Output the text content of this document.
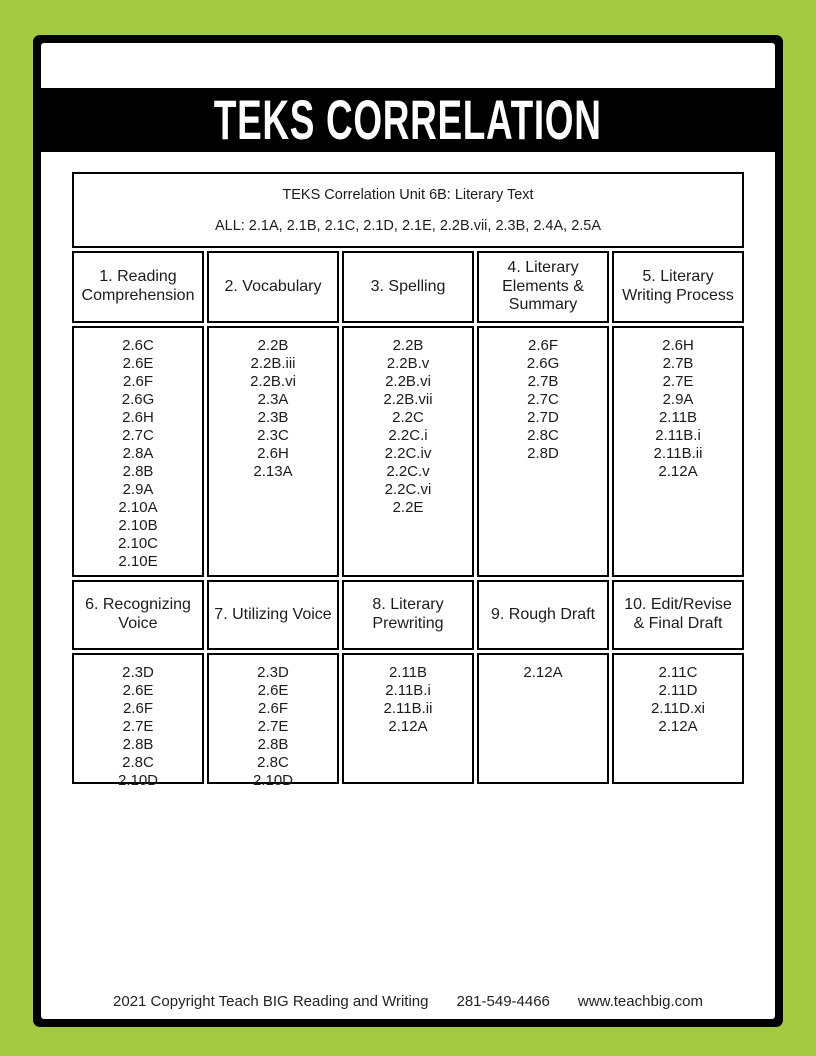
TEKS CORRELATION
TEKS Correlation Unit 6B: Literary Text
ALL: 2.1A, 2.1B, 2.1C, 2.1D, 2.1E, 2.2B.vii, 2.3B, 2.4A, 2.5A
1. Reading Comprehension
2. Vocabulary	3. Spelling
4. Literary Elements & Summary
5. Literary Writing Process
2.6C
2.6E
2.6F
2.6G
2.6H
2.7C
2.8A
2.8B
2.9A
2.10A
2.10B
2.10C
2.10E
2.2B
2.2B.iii
2.2B.vi
2.3A
2.3B
2.3C
2.6H
2.13A
2.2B
2.2B.v
2.2B.vi
2.2B.vii
2.2C
2.2C.i
2.2C.iv
2.2C.v
2.2C.vi
2.2E
2.6F
2.6G
2.7B
2.7C
2.7D
2.8C
2.8D
2.6H
2.7B
2.7E
2.9A
2.11B
2.11B.i
2.11B.ii
2.12A
6. Recognizing Voice
7. Utilizing Voice
8. Literary Prewriting
9. Rough Draft
10. Edit/Revise & Final Draft
2.3D
2.6E
2.6F
2.7E
2.8B
2.8C
2.10D
2.3D
2.6E
2.6F
2.7E
2.8B
2.8C
2.10D
2.11B
2.11B.i
2.11B.ii
2.12A
2.12A	2.11C
2.11D
2.11D.xi
2.12A
2021 Copyright Teach BIG Reading and Writing 281-549-4466 www.teachbig.com
